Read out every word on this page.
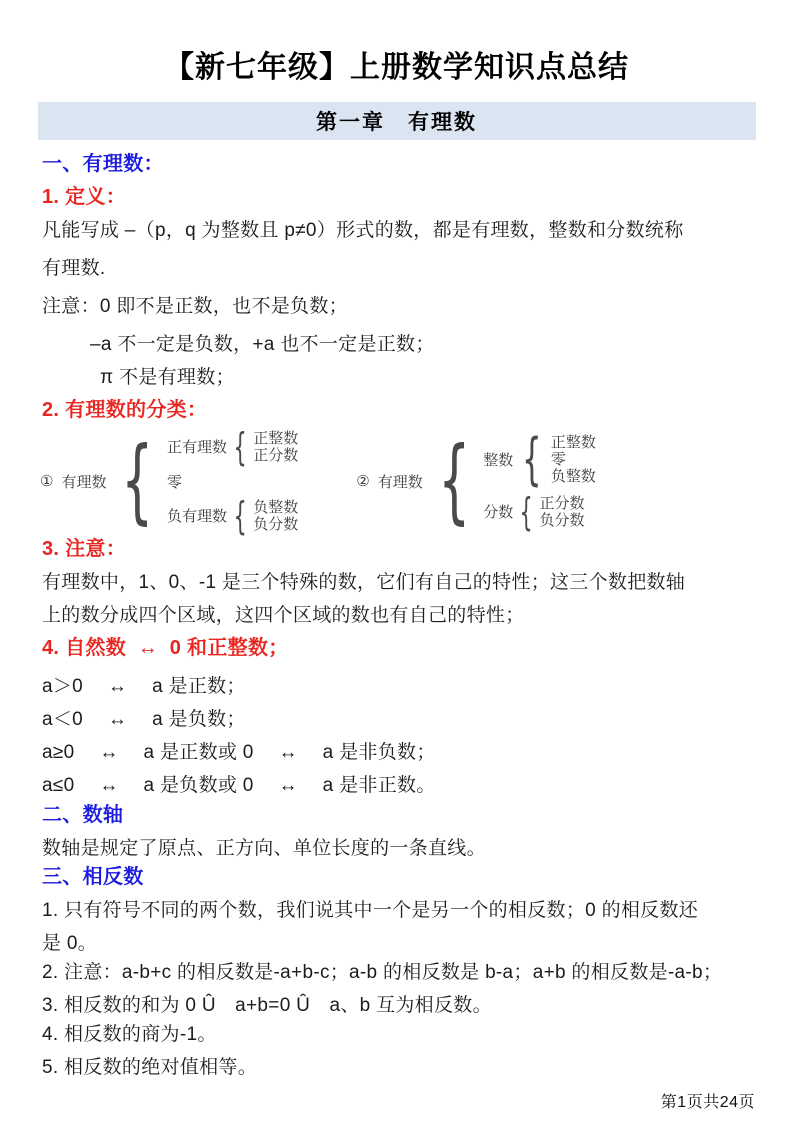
【新七年级】上册数学知识点总结
第一章　有理数
一、有理数：
1. 定义：
凡能写成 –（p，q 为整数且 p≠0）形式的数，都是有理数，整数和分数统称
有理数.
注意：0 即不是正数，也不是负数；
–a 不一定是负数，+a 也不一定是正数；
π 不是有理数；
2. 有理数的分类：
① 有理数
{
正有理数
{
正整数
正分数
零
负有理数
{
负整数
负分数
② 有理数
{
整数
{
正整数
零
负整数
分数
{
正分数
负分数
3. 注意：
有理数中，1、0、-1 是三个特殊的数，它们有自己的特性；这三个数把数轴
上的数分成四个区域，这四个区域的数也有自己的特性；
4. 自然数  ↔  0 和正整数；
a＞0　 ↔ 　a 是正数；
a＜0　 ↔ 　a 是负数；
a≥0　 ↔ 　a 是正数或 0　 ↔ 　a 是非负数；
a≤0　 ↔ 　a 是负数或 0　 ↔ 　a 是非正数。
二、数轴
数轴是规定了原点、正方向、单位长度的一条直线。
三、相反数
1. 只有符号不同的两个数，我们说其中一个是另一个的相反数；0 的相反数还
是 0。
2. 注意：a-b+c 的相反数是-a+b-c；a-b 的相反数是 b-a；a+b 的相反数是-a-b；
3. 相反数的和为 0 Û　a+b=0 Û　a、b 互为相反数。
4. 相反数的商为-1。
5. 相反数的绝对值相等。
第1页共24页
